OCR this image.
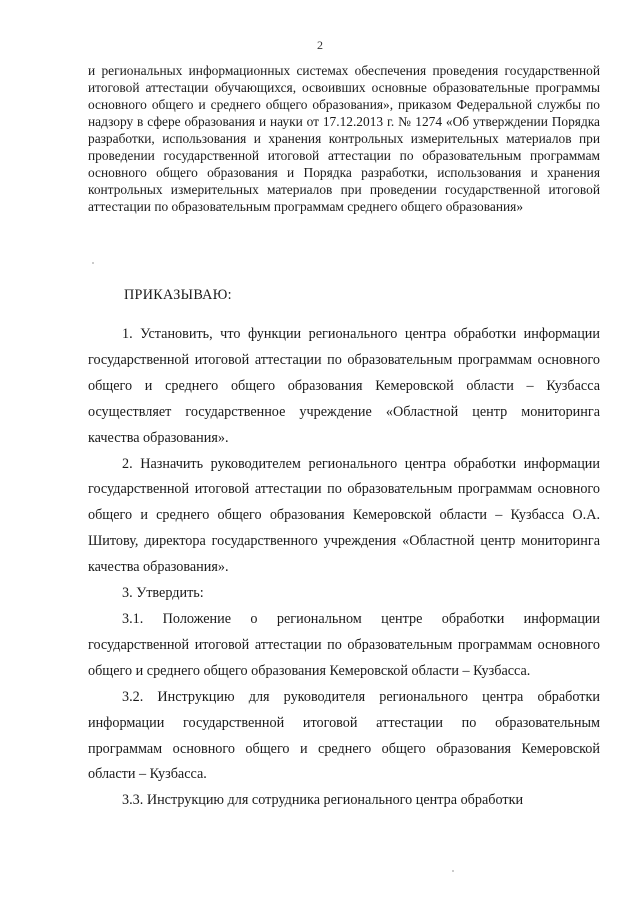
2

и региональных информационных системах обеспечения проведения государственной итоговой аттестации обучающихся, освоивших основные образовательные программы основного общего и среднего общего образования», приказом Федеральной службы по надзору в сфере образования и науки от 17.12.2013 г. № 1274 «Об утверждении Порядка разработки, использования и хранения контрольных измерительных материалов при проведении государственной итоговой аттестации по образовательным программам основного общего образования и Порядка разработки, использования и хранения контрольных измерительных материалов при проведении государственной итоговой аттестации по образовательным программам среднего общего образования»

ПРИКАЗЫВАЮ:

1. Установить, что функции регионального центра обработки информации государственной итоговой аттестации по образовательным программам основного общего и среднего общего образования Кемеровской области – Кузбасса осуществляет государственное учреждение «Областной центр мониторинга качества образования».

2. Назначить руководителем регионального центра обработки информации государственной итоговой аттестации по образовательным программам основного общего и среднего общего образования Кемеровской области – Кузбасса О.А. Шитову, директора государственного учреждения «Областной центр мониторинга качества образования».

3. Утвердить:

3.1. Положение о региональном центре обработки информации государственной итоговой аттестации по образовательным программам основного общего и среднего общего образования Кемеровской области – Кузбасса.

3.2. Инструкцию для руководителя регионального центра обработки информации государственной итоговой аттестации по образовательным программам основного общего и среднего общего образования Кемеровской области – Кузбасса.

3.3. Инструкцию для сотрудника регионального центра обработки
